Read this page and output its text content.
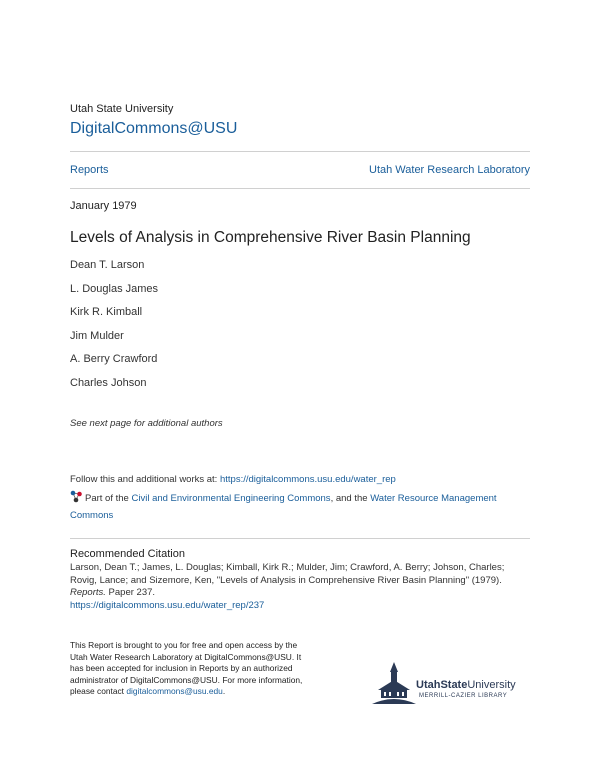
Utah State University
DigitalCommons@USU
Reports	Utah Water Research Laboratory
January 1979
Levels of Analysis in Comprehensive River Basin Planning
Dean T. Larson
L. Douglas James
Kirk R. Kimball
Jim Mulder
A. Berry Crawford
Charles Johson
See next page for additional authors
Follow this and additional works at: https://digitalcommons.usu.edu/water_rep
Part of the Civil and Environmental Engineering Commons, and the Water Resource Management Commons
Recommended Citation
Larson, Dean T.; James, L. Douglas; Kimball, Kirk R.; Mulder, Jim; Crawford, A. Berry; Johson, Charles;
Rovig, Lance; and Sizemore, Ken, "Levels of Analysis in Comprehensive River Basin Planning" (1979).
Reports. Paper 237.
https://digitalcommons.usu.edu/water_rep/237
This Report is brought to you for free and open access by the Utah Water Research Laboratory at DigitalCommons@USU. It has been accepted for inclusion in Reports by an authorized administrator of DigitalCommons@USU. For more information, please contact digitalcommons@usu.edu.
UtahStateUniversity
MERRILL-CAZIER LIBRARY
